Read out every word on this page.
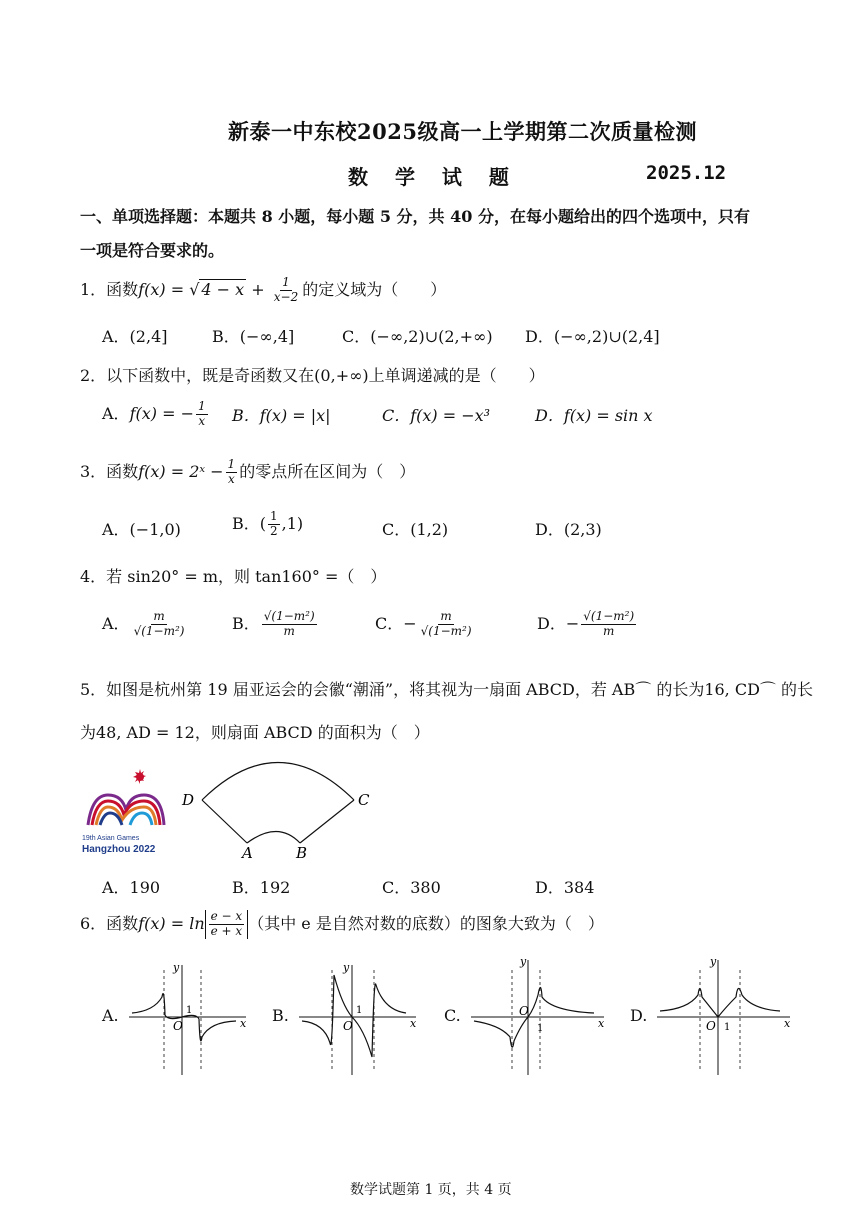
新泰一中东校2025级高一上学期第二次质量检测
数 学 试 题	2025.12
一、单项选择题：本题共 8 小题，每小题 5 分，共 40 分，在每小题给出的四个选项中，只有
一项是符合要求的。
1．函数f(x) = √ $4 - x + \frac{1}{x-2}$ 的定义域为（　　）
A．(2,4]	B．(−∞,4]	C．(−∞,2)∪(2,+∞) D．(−∞,2)∪(2,4]
2．以下函数中，既是奇函数又在(0,+∞)上单调递减的是（　　）
A．f(x) = − $\frac{1}{x}$ B．f(x) = |x|	C．f(x) = −x³	D．f(x) = sin x
3．函数f(x) = 2ˣ − $\frac{1}{x}$ 的零点所在区间为（　）
A．(−1,0)	B．( $\frac{1}{2} ,1$)	C．(1,2)	D．(2,3)
4．若 sin20° = m，则 tan160° =（　）
A． $\frac{m}{\text{√(1−m²)}}$	B． $\frac{\text{√(1−m²)}}{m}$	C．− $\frac{m}{\text{√(1−m²)}}$	D．− $\frac{\text{√(1−m²)}}{m}$
5．如图是杭州第 19 届亚运会的会徽“潮涌”，将其视为一扇面 ABCD，若 AB⌒ 的长为16, CD⌒ 的长
为48, AD = 12，则扇面 ABCD 的面积为（　）
19th Asian Games
Hangzhou 2022
D	C
A	B
A．190	B．192	C．380	D．384
6．函数$f(x) = \ln \frac{e - x}{e + x}$ （其中 e 是自然对数的底数）的图象大致为（　）
A.
O
1
x
y
B.
O
1
x
y
C.	O
1	x
y
D.
O 1	x
y
数学试题第 1 页，共 4 页
